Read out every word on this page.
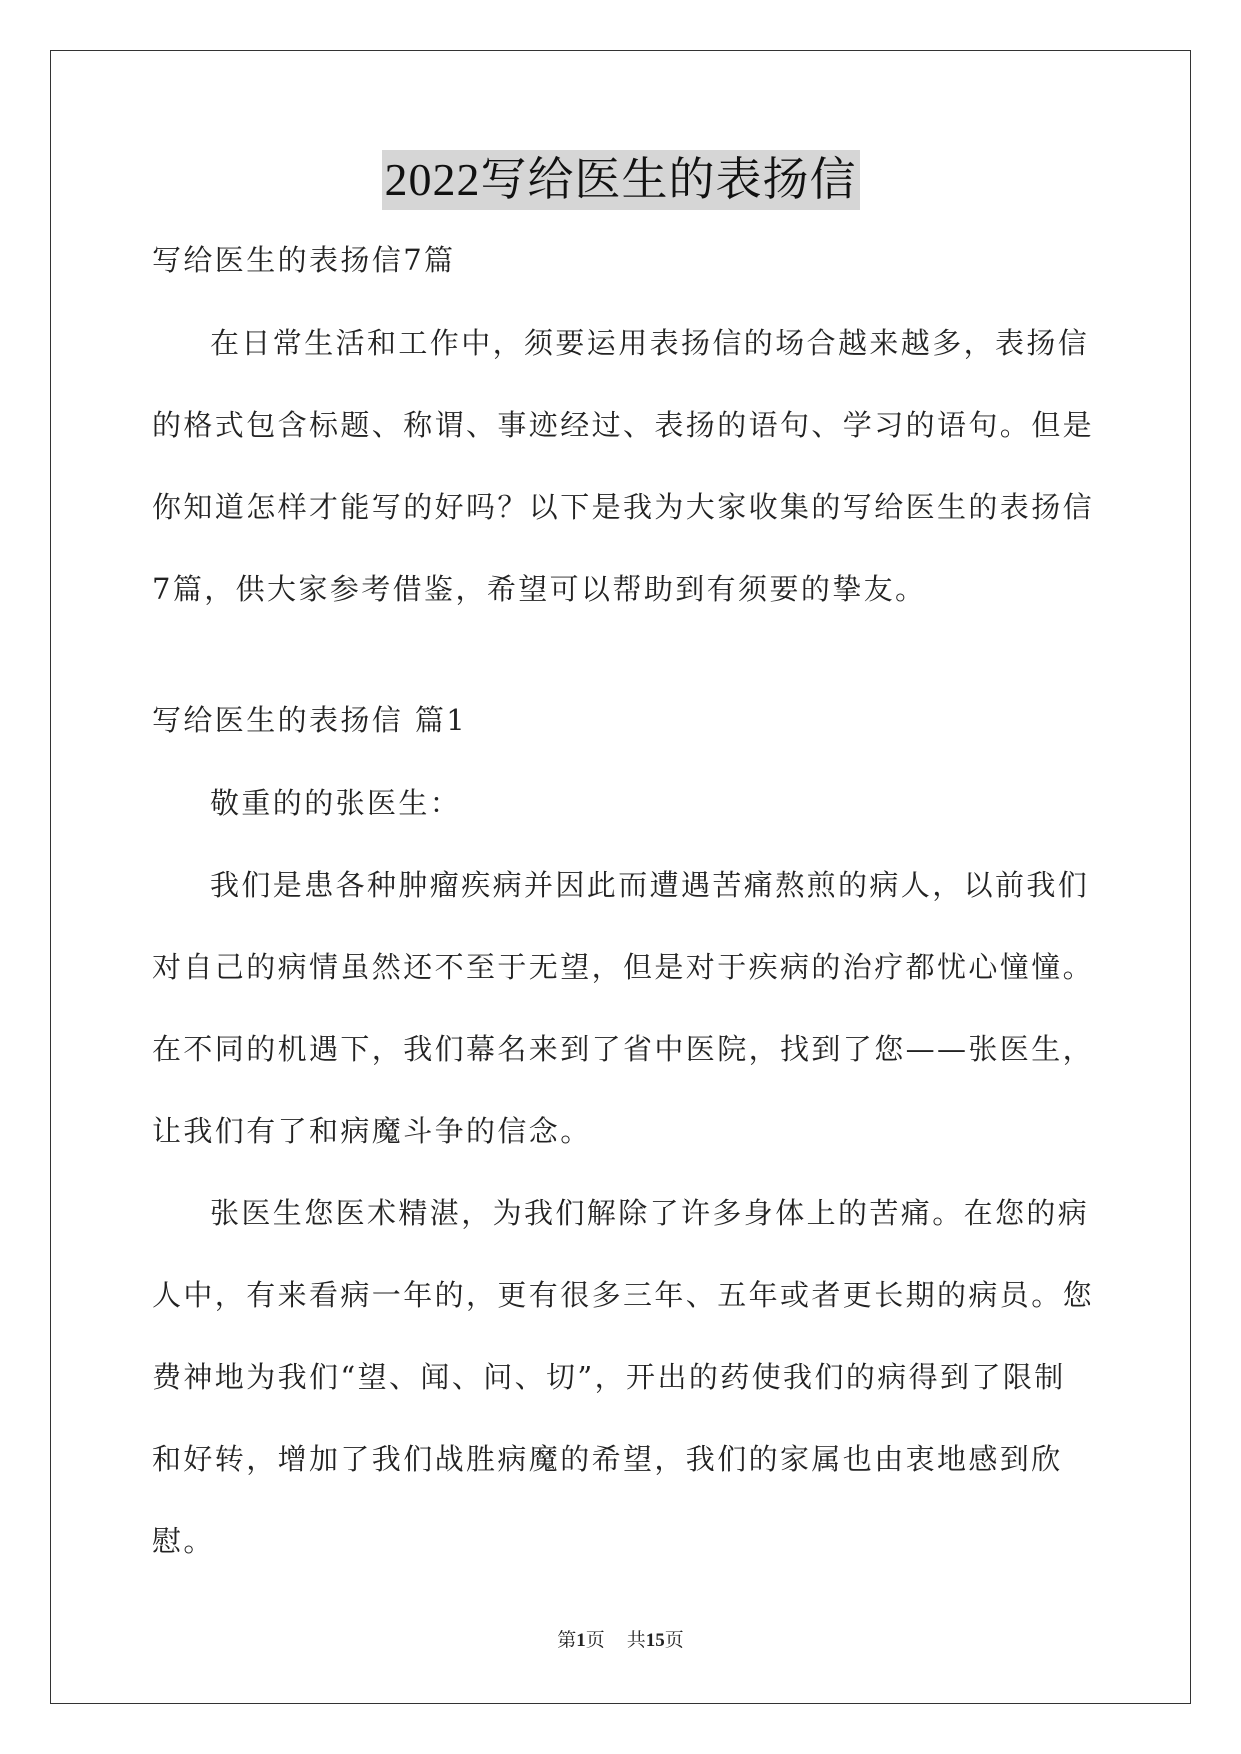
2022写给医生的表扬信

写给医生的表扬信7篇

在日常生活和工作中，须要运用表扬信的场合越来越多，表扬信的格式包含标题、称谓、事迹经过、表扬的语句、学习的语句。但是你知道怎样才能写的好吗？以下是我为大家收集的写给医生的表扬信7篇，供大家参考借鉴，希望可以帮助到有须要的挚友。

写给医生的表扬信 篇1

敬重的的张医生：

我们是患各种肿瘤疾病并因此而遭遇苦痛熬煎的病人，以前我们对自己的病情虽然还不至于无望，但是对于疾病的治疗都忧心憧憧。在不同的机遇下，我们幕名来到了省中医院，找到了您——张医生，让我们有了和病魔斗争的信念。

张医生您医术精湛，为我们解除了许多身体上的苦痛。在您的病人中，有来看病一年的，更有很多三年、五年或者更长期的病员。您费神地为我们“望、闻、问、切”，开出的药使我们的病得到了限制和好转，增加了我们战胜病魔的希望，我们的家属也由衷地感到欣慰。

第1页 共15页
